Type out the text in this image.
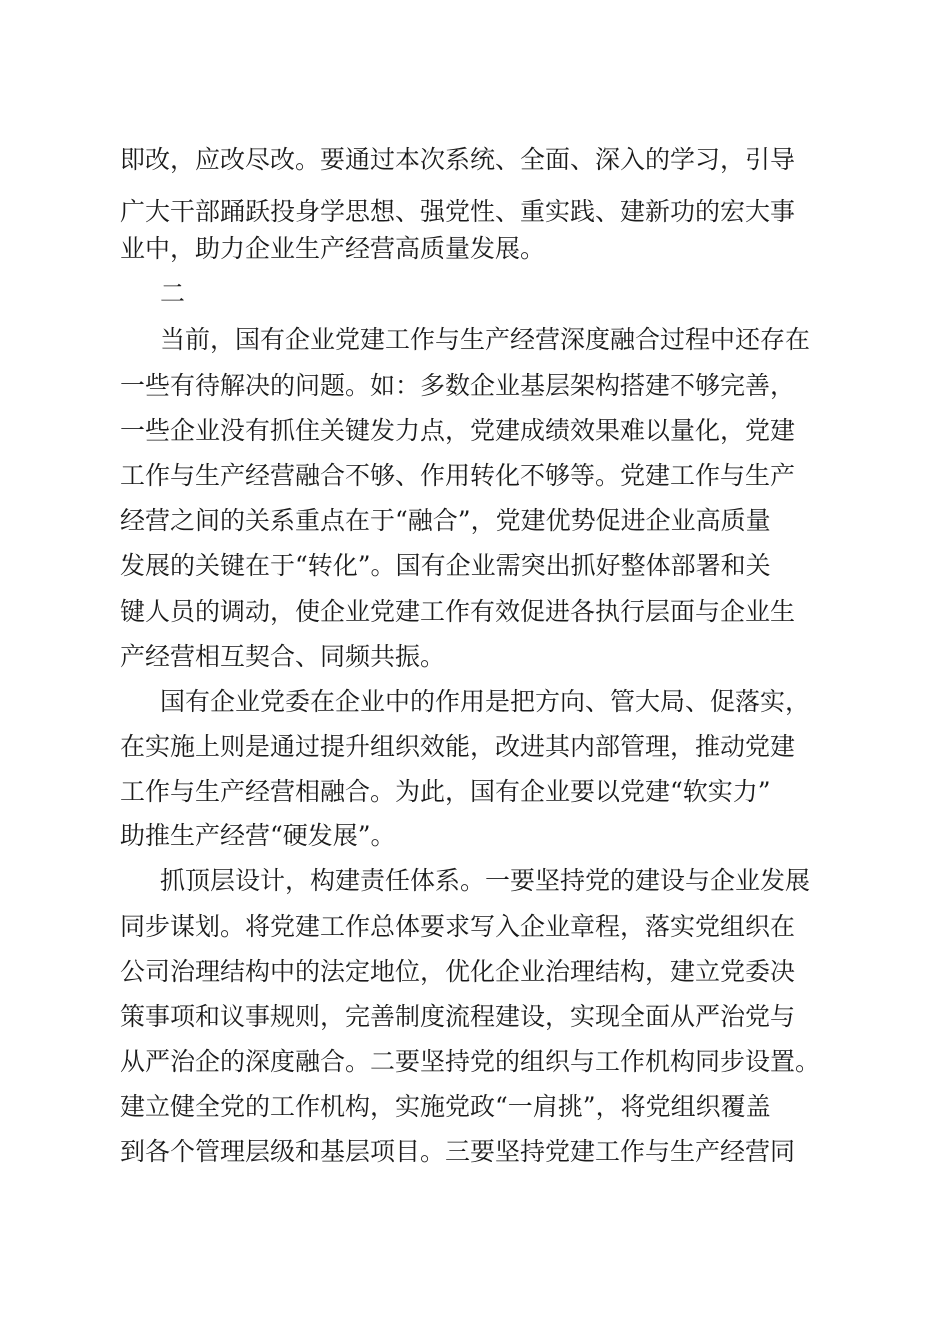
即改，应改尽改。要通过本次系统、全面、深入的学习，引导
广大干部踊跃投身学思想、强党性、重实践、建新功的宏大事
业中，助力企业生产经营高质量发展。
二
当前，国有企业党建工作与生产经营深度融合过程中还存在
一些有待解决的问题。如：多数企业基层架构搭建不够完善，
一些企业没有抓住关键发力点，党建成绩效果难以量化，党建
工作与生产经营融合不够、作用转化不够等。党建工作与生产
经营之间的关系重点在于“融合”，党建优势促进企业高质量
发展的关键在于“转化”。国有企业需突出抓好整体部署和关
键人员的调动，使企业党建工作有效促进各执行层面与企业生
产经营相互契合、同频共振。
国有企业党委在企业中的作用是把方向、管大局、促落实，
在实施上则是通过提升组织效能，改进其内部管理，推动党建
工作与生产经营相融合。为此，国有企业要以党建“软实力”
助推生产经营“硬发展”。
抓顶层设计，构建责任体系。一要坚持党的建设与企业发展
同步谋划。将党建工作总体要求写入企业章程，落实党组织在
公司治理结构中的法定地位，优化企业治理结构，建立党委决
策事项和议事规则，完善制度流程建设，实现全面从严治党与
从严治企的深度融合。二要坚持党的组织与工作机构同步设置。
建立健全党的工作机构，实施党政“一肩挑”，将党组织覆盖
到各个管理层级和基层项目。三要坚持党建工作与生产经营同
